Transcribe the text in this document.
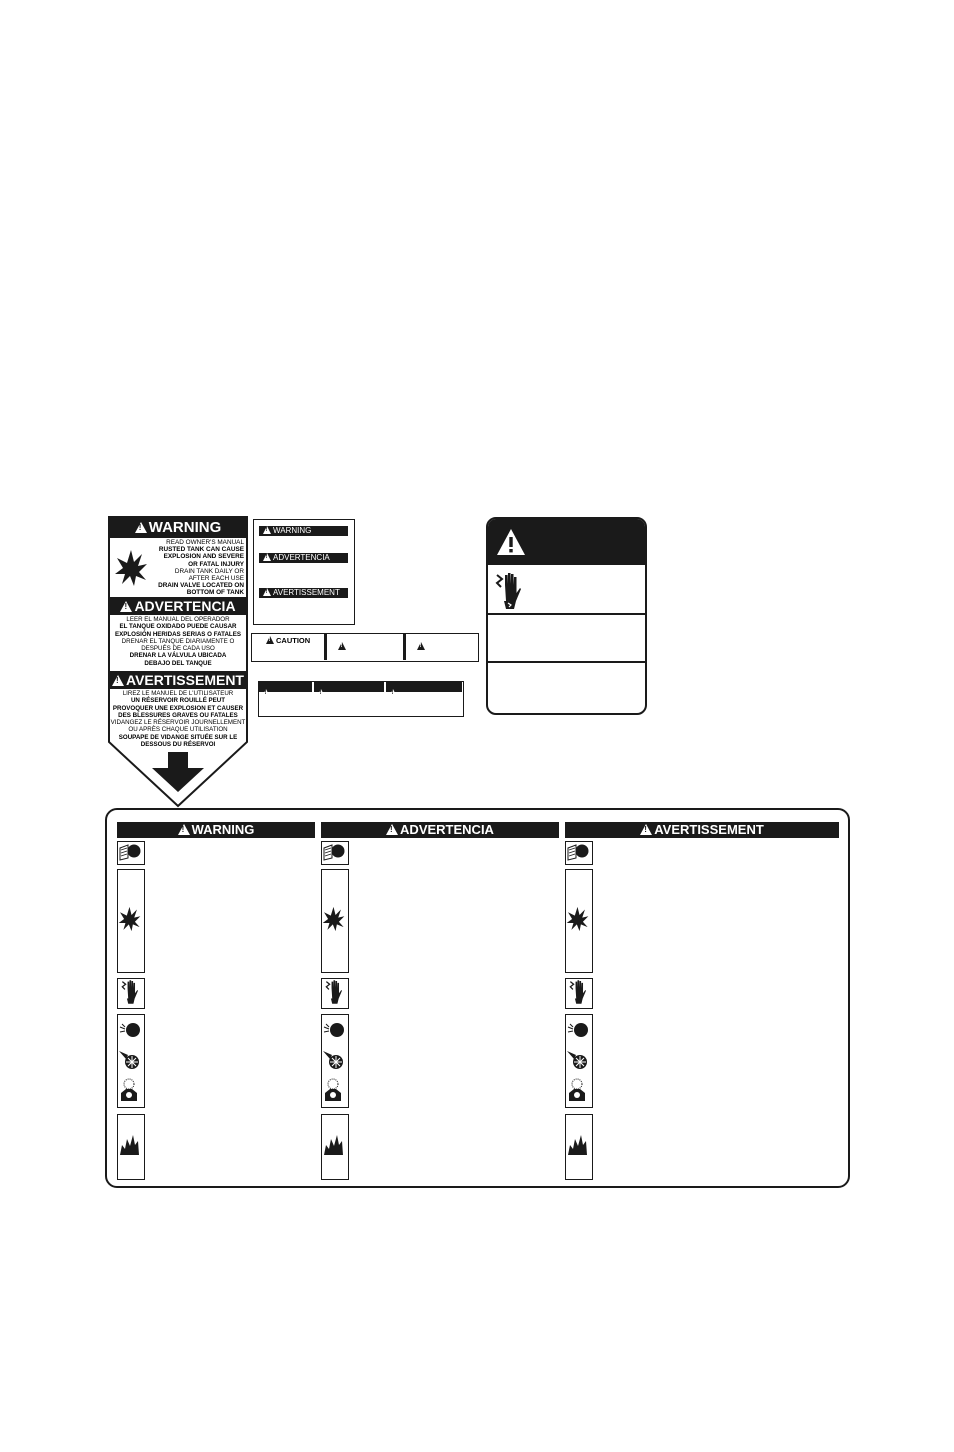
!WARNING
READ OWNER'S MANUAL
RUSTED TANK CAN CAUSE
EXPLOSION AND SEVERE
OR FATAL INJURY
DRAIN TANK DAILY OR
AFTER EACH USE
DRAIN VALVE LOCATED ON
BOTTOM OF TANK
!ADVERTENCIA
LEER EL MANUAL DEL OPERADOR
EL TANQUE OXIDADO PUEDE CAUSAR
EXPLOSIÓN HERIDAS SERIAS O FATALES
DRENAR EL TANQUE DIARIAMENTE O
DESPUÉS DE CADA USO
DRENAR LA VÁLVULA UBICADA
DEBAJO DEL TANQUE
!AVERTISSEMENT
LIREZ LE MANUEL DE L'UTILISATEUR
UN RÉSERVOIR ROUILLÉ PEUT
PROVOQUER UNE EXPLOSION ET CAUSER
DES BLESSURES GRAVES OU FATALES
VIDANGEZ LE RÉSERVOIR JOURNELLEMENT
OU APRÈS CHAQUE UTILISATION
SOUPAPE DE VIDANGE SITUÉE SUR LE
DESSOUS DU RÉSERVOI
!WARNING
!ADVERTENCIA
!AVERTISSEMENT
!CAUTION
!
!
!
!
!
!WARNING !	ADVERTENCIA !	AVERTISSEMENT
